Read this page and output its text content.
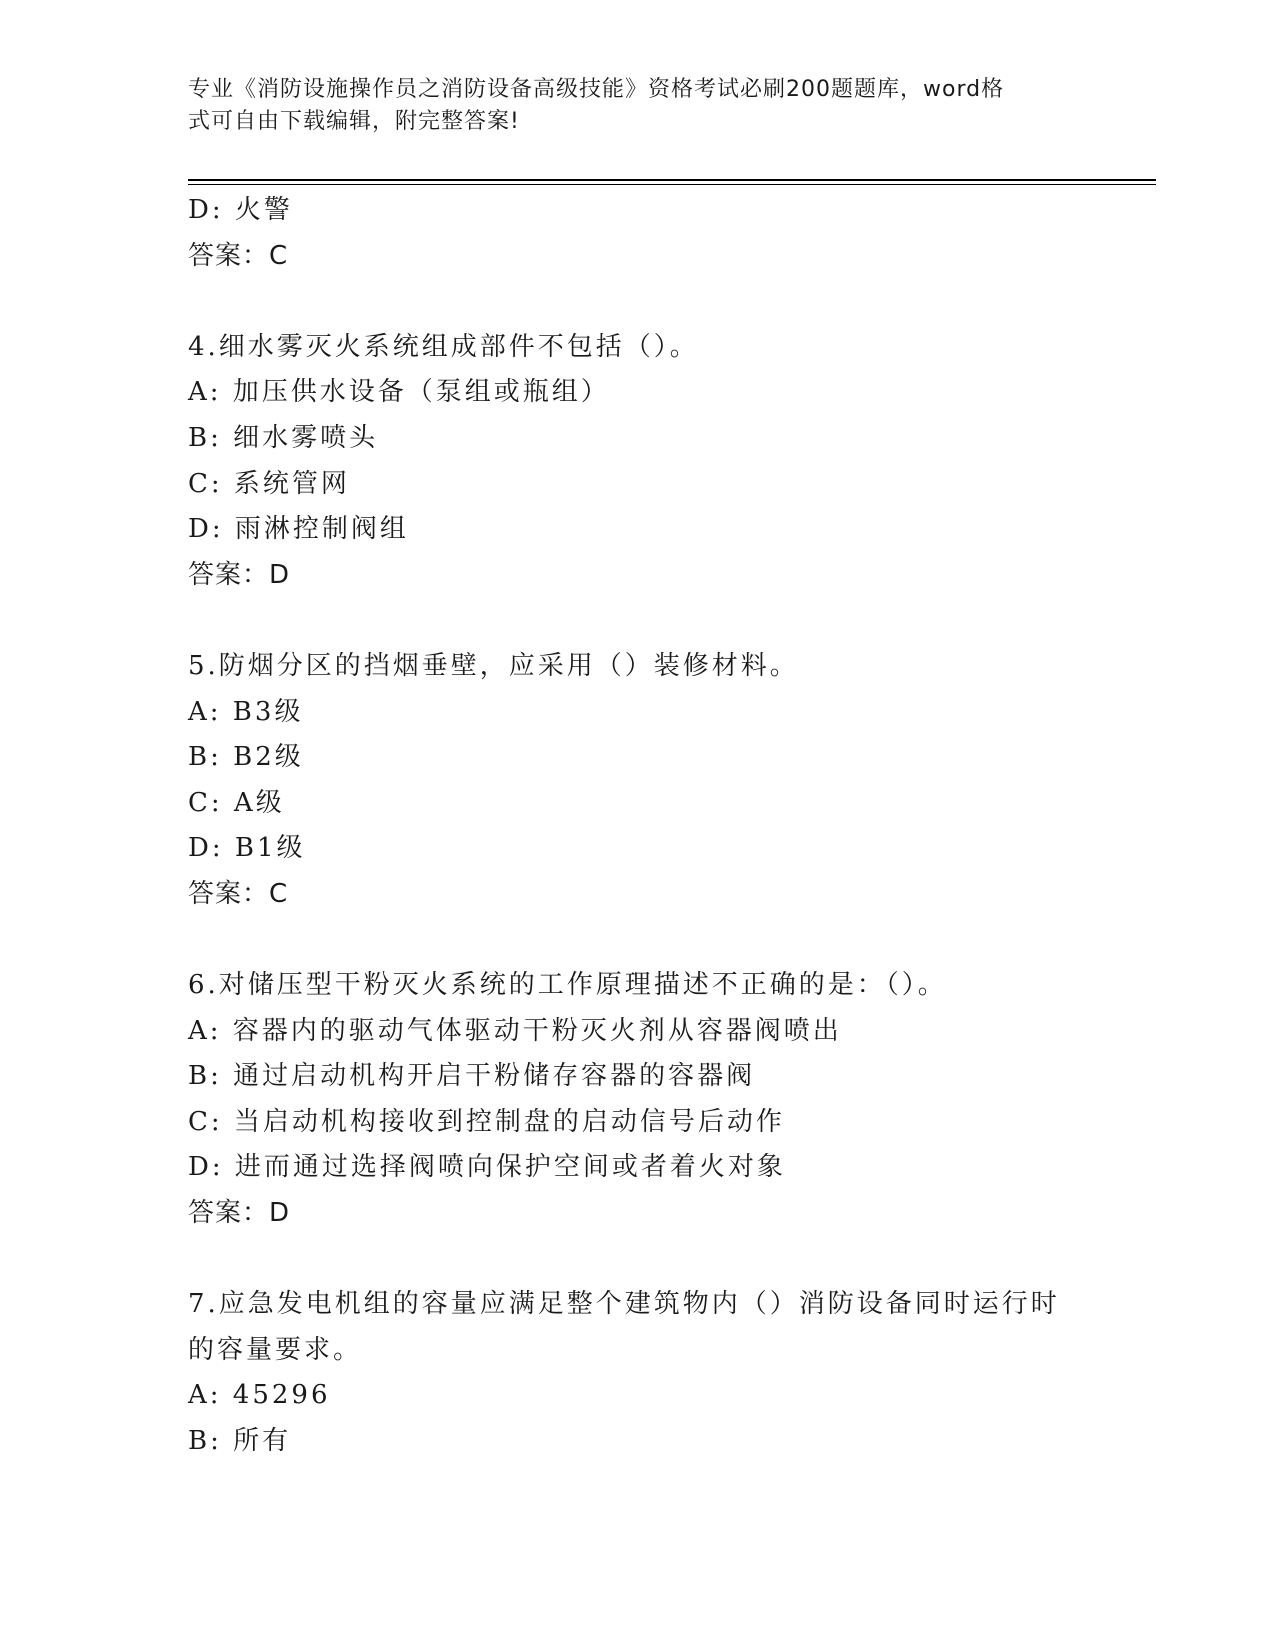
专业《消防设施操作员之消防设备高级技能》资格考试必刷200题题库，word格
式可自由下载编辑，附完整答案!
D: 火警
答案：C
4.细水雾灭火系统组成部件不包括（）。
A: 加压供水设备（泵组或瓶组）
B: 细水雾喷头
C: 系统管网
D: 雨淋控制阀组
答案：D
5.防烟分区的挡烟垂壁，应采用（）装修材料。
A: B3级
B: B2级
C: A级
D: B1级
答案：C
6.对储压型干粉灭火系统的工作原理描述不正确的是：（）。
A: 容器内的驱动气体驱动干粉灭火剂从容器阀喷出
B: 通过启动机构开启干粉储存容器的容器阀
C: 当启动机构接收到控制盘的启动信号后动作
D: 进而通过选择阀喷向保护空间或者着火对象
答案：D
7.应急发电机组的容量应满足整个建筑物内（）消防设备同时运行时
的容量要求。
A: 45296
B: 所有
